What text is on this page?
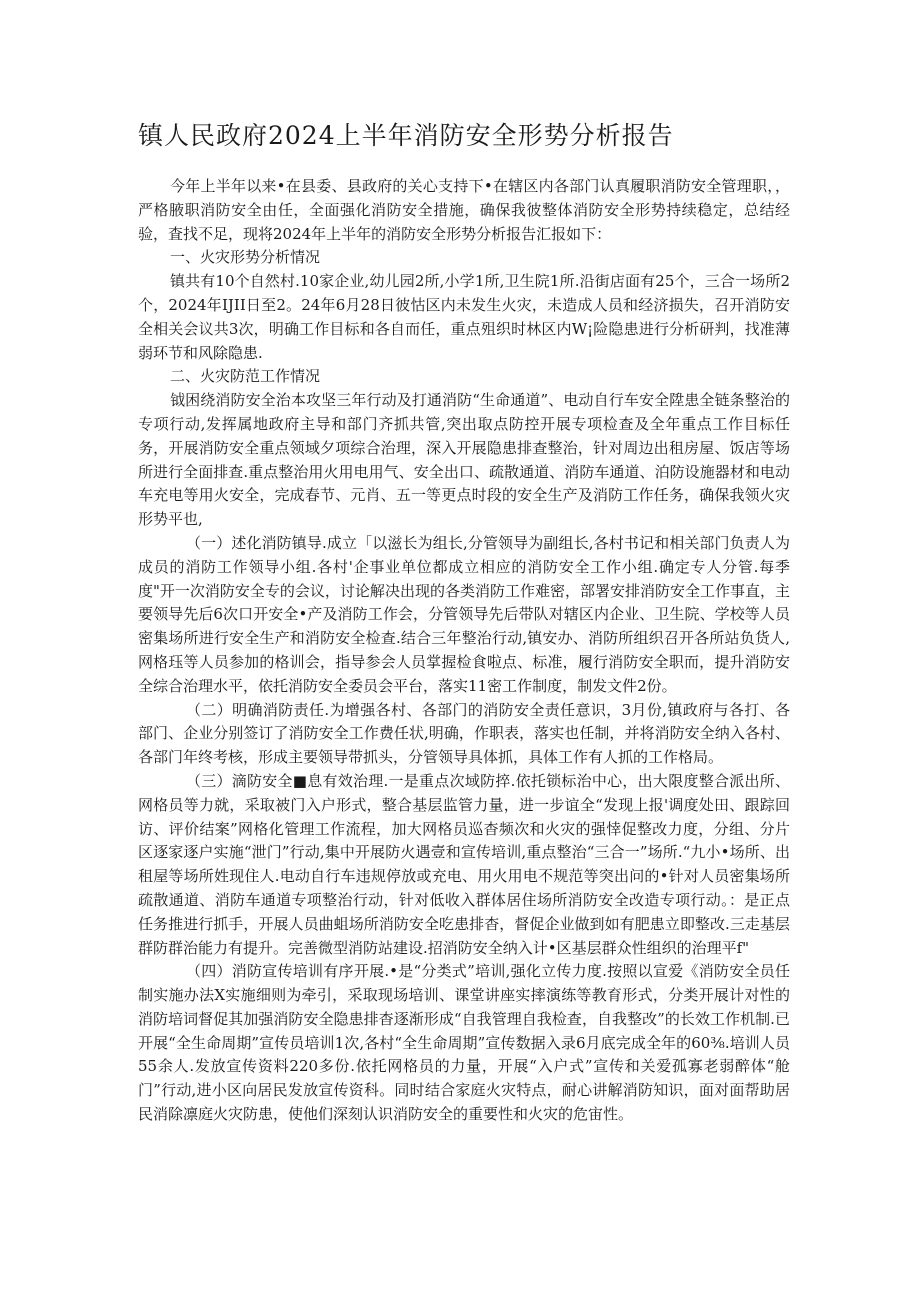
镇人民政府2024上半年消防安全形势分析报告

今年上半年以来•在县委、县政府的关心支持下•在辖区内各部门认真履职消防安全管理职，，严格腋职消防安全由任，全面强化消防安全措施，确保我彼整体消防安全形势持续稳定，总结经验，査找不足，现将2024年上半年的消防安全形势分析报告汇报如下：

一、火灾形势分析情况

镇共有10个自然村.10家企业,幼儿园2所,小学1所,卫生院1所.沿街店面有25个，三合一场所2个，2024年IJII日至2。24年6月28日彼怙区内未发生火灾，未造成人员和经济损失，召开消防安全相关会议共3次，明确工作目标和各自而任，重点殂织时林区内W¡险隐患进行分析研判，找准薄弱环节和风除隐患.

二、火灾防范工作情况

钺困绕消防安全治本攻坚三年行动及打通消防“生命通道”、电动自行车安全陞患全链条整治的专项行动,发挥属地政府主导和部门齐抓共管,突出取点防控开展专项检查及全年重点工作目标任务，开展消防安全重点领域夕项综合治理，深入开展隐患排查整治，针对周边出租房屋、饭店等场所进行全面排查.重点整治用火用电用气、安全出口、疏散通道、消防车通道、泊防设施器材和电动车充电等用火安全，完成春节、元肖、五一等更点时段的安全生产及消防工作任务，确保我领火灾形势平也,

（一）述化消防镇导.成立「以滋长为组长,分管领导为副组长,各村书记和相关部门负责人为成员的消防工作领导小组.各村'企事业单位都成立相应的消防安全工作小组.确定专人分管.每季度"开一次消防安全专的会议，讨论解决出现的各类消防工作难密，部署安排消防安全工作事直，主要领导先后6次口开安全•产及消防工作会，分管领导先后带队对辖区内企业、卫生院、学校等人员密集场所进行安全生产和消防安全检查.结合三年整治行动,镇安办、消防所组织召开各所站负货人,网格珏等人员参加的格训会，指导参会人员掌握检食啦点、标准，履行消防安全职而，提升消防安全综合治理水平，依托消防安全委员会平台，落实11密工作制度，制发文件2份。

（二）明确消防责任.为增强各村、各部门的消防安全责任意识，3月份,镇政府与各打、各部门、企业分别签订了消防安全工作费任状,明确，作职表，落实也任制，并将消防安全纳入各村、各部门年终考核，形成主要领导带抓头，分管领导具体抓，具体工作有人抓的工作格局。

（三）滴防安全■息有效治理.一是重点次域防捽.依托锁标治中心，出大限度整合派出所、网格员等力就，采取被门入户形式，整合基层监管力量，进一步谊全“发现上报'调度处田、跟踪回访、评价结案”网格化管理工作流程，加大网格员巡杳频次和火灾的强悻促整改力度，分组、分片区逐家逐户实施“泄门”行动,集中开展防火遇壹和宣传培训,重点整治“三合一”场所.“九小•场所、出租屋等场所姓现住人.电动自行车违规停放或充电、用火用电不规范等突出问的•针对人员密集场所疏散通道、消防车通道专项整治行动，针对低收入群体居住场所消防安全改造专项行动。：是正点任务推进行抓手，开展人员曲蛆场所消防安全吃患排杳，督促企业做到如有肥患立即整改.三走基层群防群治能力有提升。完善微型消防站建设.招消防安全纳入计•区基层群众性组织的治理平f"

（四）消防宣传培训有序开展.•是“分类式”培训,强化立传力度.按照以宣爱《消防安全员任制实施办法X实施细则为牵引，采取现场培训、课堂讲座实摔演练等教育形式，分类开展计对性的消防培词督促其加强消防安全隐患排杳逐渐形成“自我管理自我检查，自我整改”的长效工作机制.已开展“全生命周期”宣传员培训1次,各村“全生命周期”宣传数据入录6月底完成全年的60⅜.培训人员55余人.发放宣传资料220多份.依托网格员的力量，开展“入户式”宣传和关爱孤寡老弱醉体“舱门”行动,进小区向居民发放宣传资科。同时结合家庭火灾特点，耐心讲解消防知识，面对面帮助居民消除凛庭火灾防患，使他们深刻认识消防安全的重要性和火灾的危宙性。
